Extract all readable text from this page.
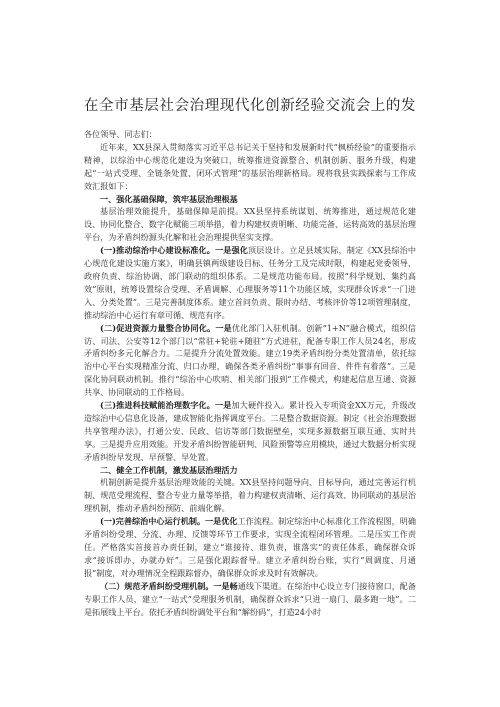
在全市基层社会治理现代化创新经验交流会上的发

各位领导、同志们：

近年来，XX县深入贯彻落实习近平总书记关于坚持和发展新时代“枫桥经验”的重要指示精神，以综治中心规范化建设为突破口，统筹推进资源整合、机制创新、服务升级，构建起“一站式受理、全链条处置、闭环式管理”的基层治理新格局。现将我县实践探索与工作成效汇报如下：

一、强化基础保障，筑牢基层治理根基

基层治理效能提升，基础保障是前提。XX县坚持系统谋划、统筹推进，通过规范化建设、协同化整合、数字化赋能三项举措，着力构建权责明晰、功能完备、运转高效的基层治理平台，为矛盾纠纷源头化解和社会治理提供坚实支撑。

(一)推动综治中心建设标准化。一是强化顶层设计。立足县域实际，制定《XX县综治中心规范化建设实施方案》，明确县镇两级建设目标、任务分工及完成时限，构建起党委领导、政府负责、综治协调、部门联动的组织体系。二是规范功能布局。按照“科学规划、集约高效”原则，统筹设置综合受理、矛盾调解、心理服务等11个功能区域，实现群众诉求“一门进入、分类处置”。三是完善制度体系。建立首问负责、限时办结、考核评价等12项管理制度，推动综治中心运行有章可循、规范有序。

(二)促进资源力量整合协同化。一是优化部门入驻机制。创新“1+N”融合模式，组织信访、司法、公安等12个部门以“常驻+轮驻+随驻”方式进驻，配备专职工作人员24名，形成矛盾纠纷多元化解合力。二是提升分流处置效能。建立19类矛盾纠纷分类处置清单，依托综治中心平台实现精准分流、归口办理，确保各类矛盾纠纷“事事有回音、件件有着落”。三是深化协同联动机制。推行“综治中心吹哨、相关部门报到”工作模式，构建起信息互通、资源共享、协同联动的工作格局。

(三)推进科技赋能治理数字化。一是加大硬件投入。累计投入专项资金XX万元，升级改造综治中心信息化设备，建成智能化指挥调度平台。二是整合数据资源。制定《社会治理数据共享管理办法》，打通公安、民政、信访等部门数据壁垒，实现多源数据互联互通、实时共享。三是提升应用效能。开发矛盾纠纷智能研判、风险预警等应用模块，通过大数据分析实现矛盾纠纷早发现、早预警、早处置。

二、健全工作机制，激发基层治理活力

机制创新是提升基层治理效能的关键。XX县坚持问题导向、目标导向，通过完善运行机制、规范受理流程、整合专业力量等举措，着力构建权责清晰、运行高效、协同联动的基层治理机制，推动矛盾纠纷预防、前端化解。

(一)完善综治中心运行机制。一是优化工作流程。制定综治中心标准化工作流程图，明确矛盾纠纷受理、分流、办理、反馈等环节工作要求，实现全流程闭环管理。二是压实工作责任。严格落实首接首办责任制，建立“谁接待、谁负责，谁落实”的责任体系，确保群众诉求“接诉即办、办就办好”。三是强化跟踪督导。建立矛盾纠纷台账，实行“周调度、月通报”制度，对办理情况全程跟踪督办，确保群众诉求及时有效解决。

（二）规范矛盾纠纷受理机制。一是畅通线下渠道。在综治中心设立专门接待窗口，配备专职工作人员，建立“一站式”受理服务机制，确保群众诉求“只进一扇门、最多跑一地”。二是拓展线上平台。依托矛盾纠纷调处平台和“解纷码”，打造24小时
